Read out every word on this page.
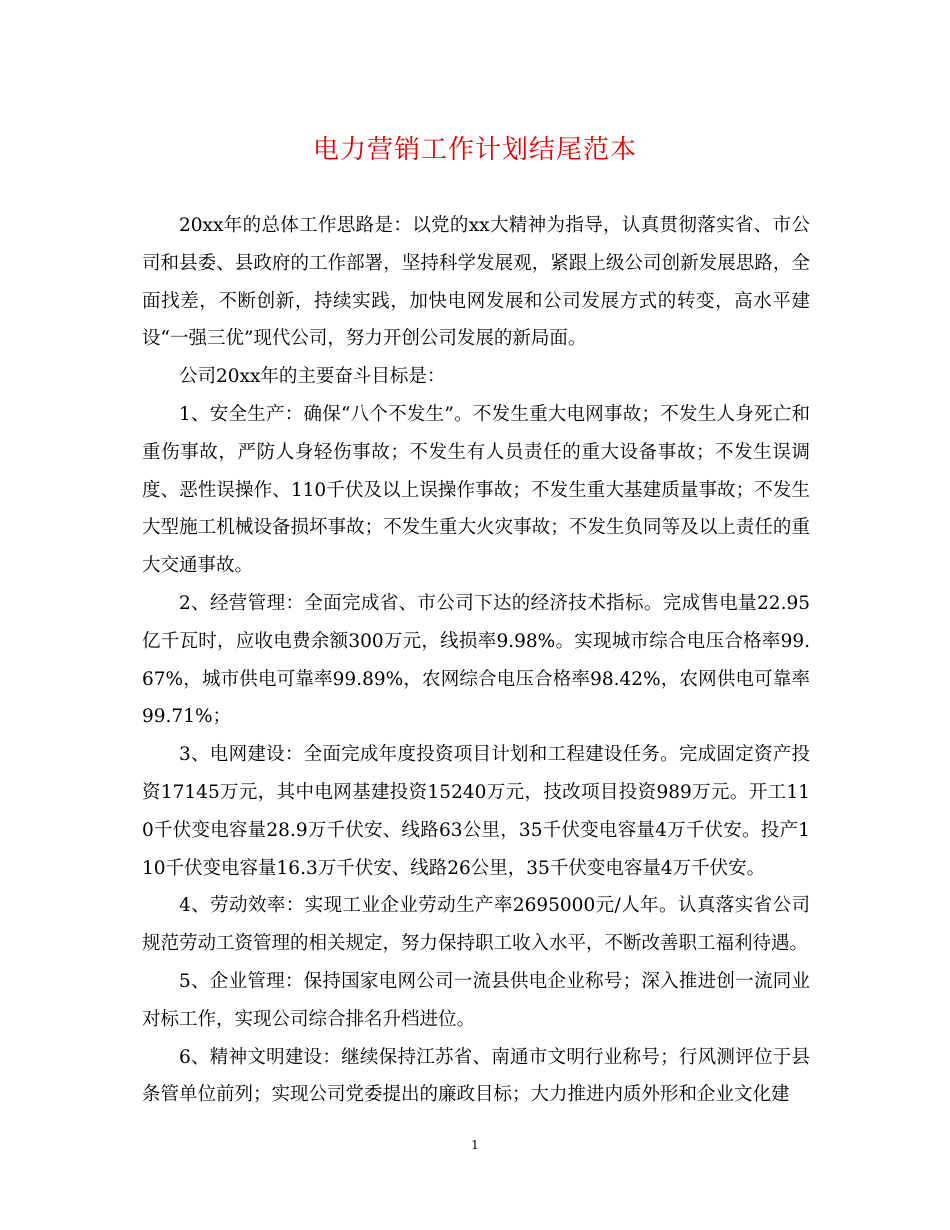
电力营销工作计划结尾范本

20xx年的总体工作思路是：以党的xx大精神为指导，认真贯彻落实省、市公司和县委、县政府的工作部署，坚持科学发展观，紧跟上级公司创新发展思路，全面找差，不断创新，持续实践，加快电网发展和公司发展方式的转变，高水平建设“一强三优”现代公司，努力开创公司发展的新局面。

公司20xx年的主要奋斗目标是：

1、安全生产：确保“八个不发生”。不发生重大电网事故；不发生人身死亡和重伤事故，严防人身轻伤事故；不发生有人员责任的重大设备事故；不发生误调度、恶性误操作、110千伏及以上误操作事故；不发生重大基建质量事故；不发生大型施工机械设备损坏事故；不发生重大火灾事故；不发生负同等及以上责任的重大交通事故。

2、经营管理：全面完成省、市公司下达的经济技术指标。完成售电量22.95亿千瓦时，应收电费余额300万元，线损率9.98%。实现城市综合电压合格率99.67%，城市供电可靠率99.89%，农网综合电压合格率98.42%，农网供电可靠率99.71%；

3、电网建设：全面完成年度投资项目计划和工程建设任务。完成固定资产投资17145万元，其中电网基建投资15240万元，技改项目投资989万元。开工110千伏变电容量28.9万千伏安、线路63公里，35千伏变电容量4万千伏安。投产110千伏变电容量16.3万千伏安、线路26公里，35千伏变电容量4万千伏安。

4、劳动效率：实现工业企业劳动生产率2695000元/人年。认真落实省公司规范劳动工资管理的相关规定，努力保持职工收入水平，不断改善职工福利待遇。

5、企业管理：保持国家电网公司一流县供电企业称号；深入推进创一流同业对标工作，实现公司综合排名升档进位。

6、精神文明建设：继续保持江苏省、南通市文明行业称号；行风测评位于县条管单位前列；实现公司党委提出的廉政目标；大力推进内质外形和企业文化建

1
